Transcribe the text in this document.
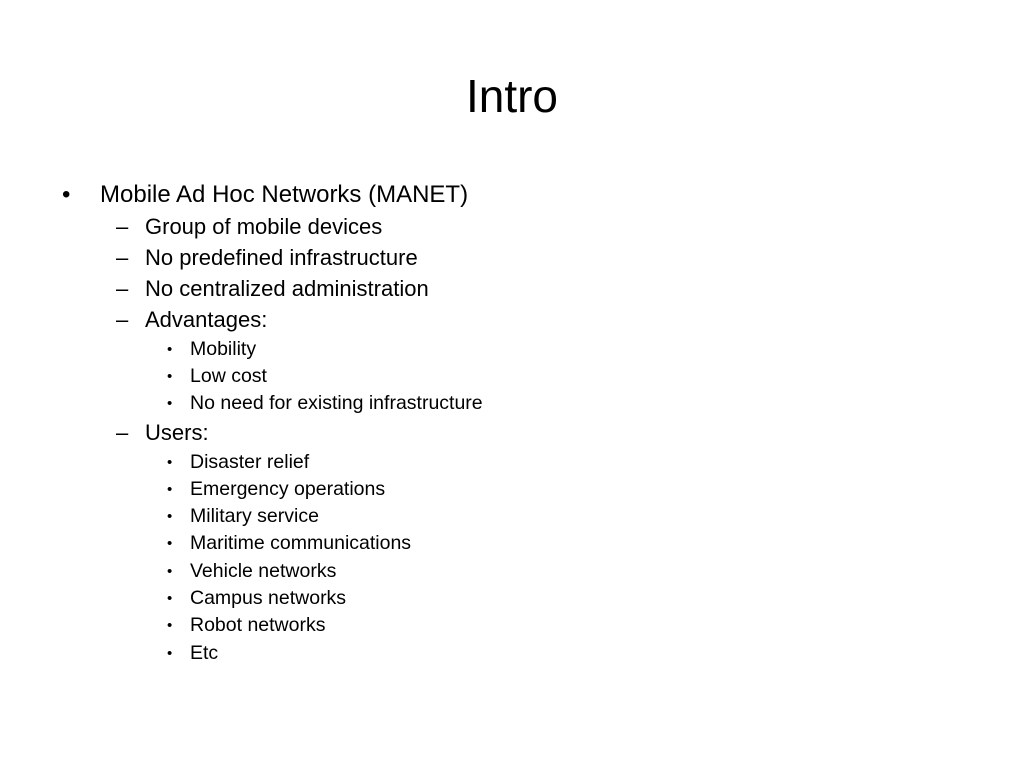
Intro
• Mobile Ad Hoc Networks (MANET)
– Group of mobile devices
– No predefined infrastructure
– No centralized administration
– Advantages:
• Mobility
• Low cost
• No need for existing infrastructure
– Users:
• Disaster relief
• Emergency operations
• Military service
• Maritime communications
• Vehicle networks
• Campus networks
• Robot networks
• Etc
